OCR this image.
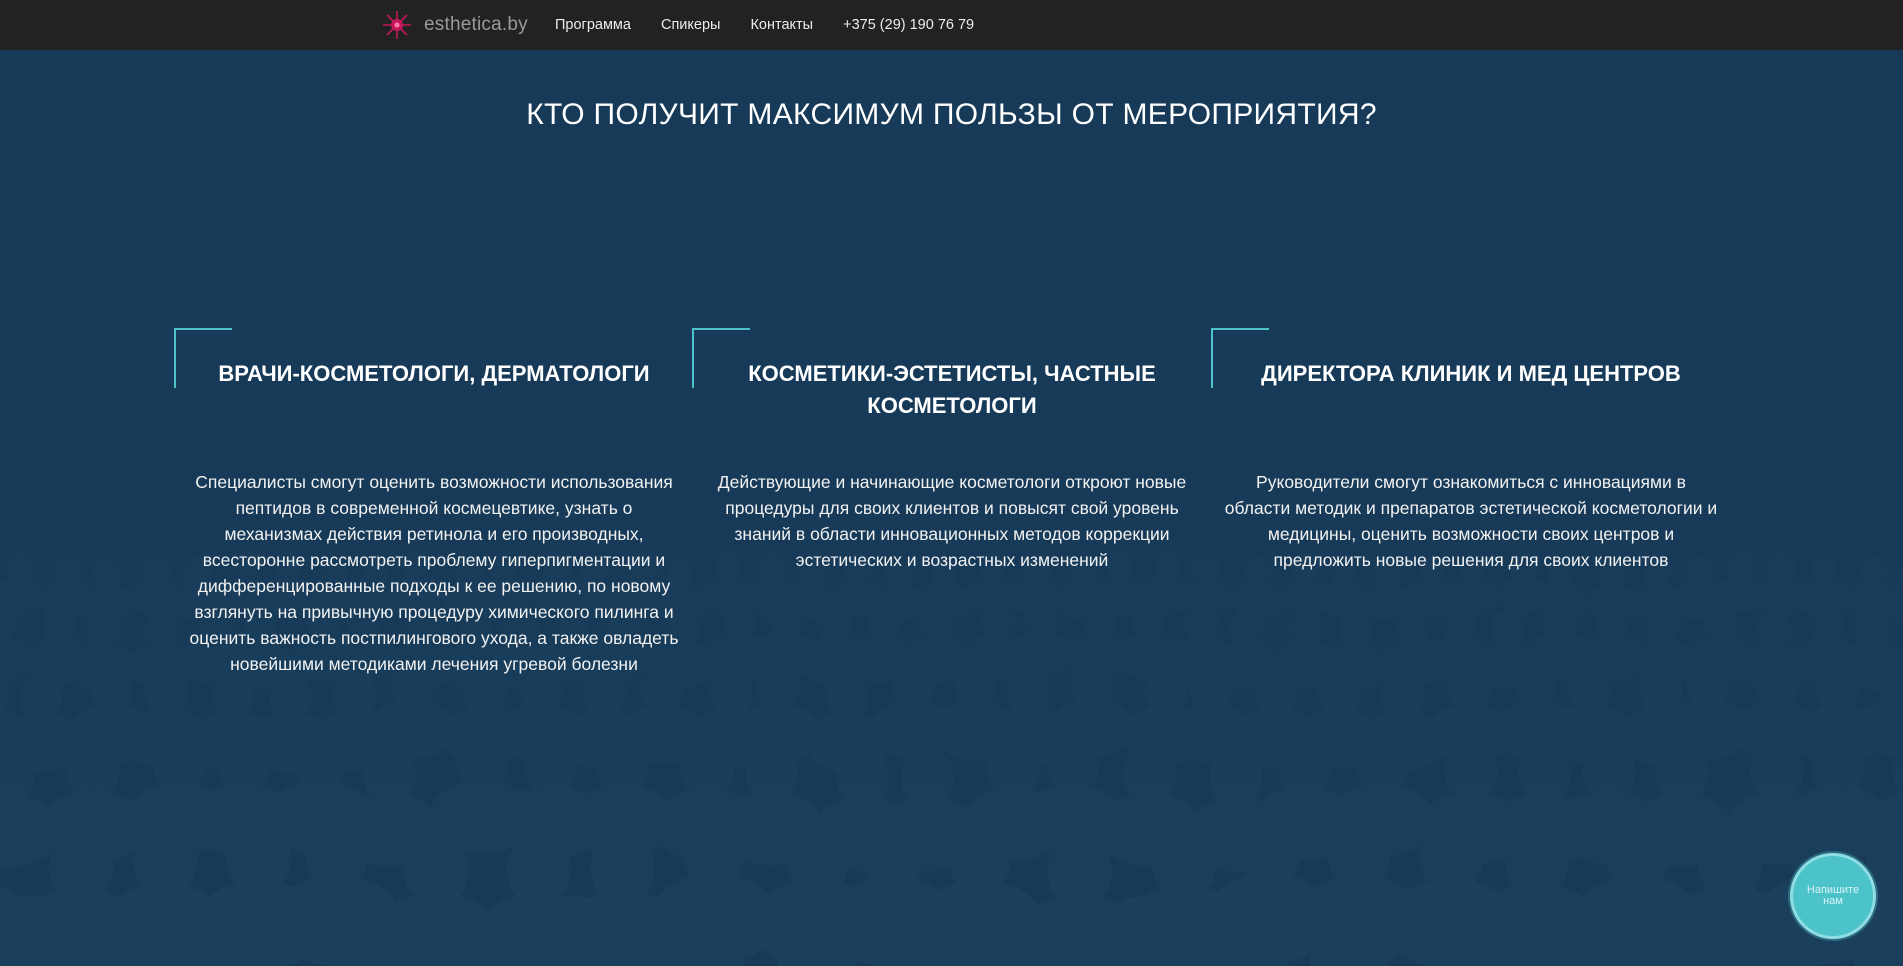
esthetica.by Программа Спикеры Контакты +375 (29) 190 76 79
КТО ПОЛУЧИТ МАКСИМУМ ПОЛЬЗЫ ОТ МЕРОПРИЯТИЯ?
ВРАЧИ-КОСМЕТОЛОГИ, ДЕРМАТОЛОГИ

Специалисты смогут оценить возможности использования пептидов в современной космецевтике, узнать о механизмах действия ретинола и его производных, всесторонне рассмотреть проблему гиперпигментации и дифференцированные подходы к ее решению, по новому взглянуть на привычную процедуру химического пилинга и оценить важность постпилингового ухода, а также овладеть новейшими методиками лечения угревой болезни

КОСМЕТИКИ-ЭСТЕТИСТЫ, ЧАСТНЫЕ КОСМЕТОЛОГИ

Действующие и начинающие косметологи откроют новые процедуры для своих клиентов и повысят свой уровень знаний в области инновационных методов коррекции эстетических и возрастных изменений

ДИРЕКТОРА КЛИНИК И МЕД ЦЕНТРОВ

Руководители смогут ознакомиться с инновациями в области методик и препаратов эстетической косметологии и медицины, оценить возможности своих центров и предложить новые решения для своих клиентов

Напишите нам
